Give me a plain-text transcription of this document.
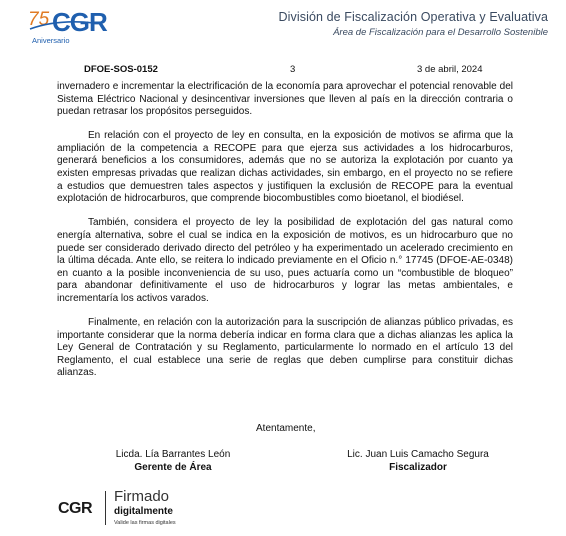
75 CGR
Aniversario
División de Fiscalización Operativa y Evaluativa
Área de Fiscalización para el Desarrollo Sostenible
DFOE-SOS-0152	3	3 de abril, 2024

invernadero e incrementar la electrificación de la economía para aprovechar el potencial renovable del Sistema Eléctrico Nacional y desincentivar inversiones que lleven al país en la dirección contraria o puedan retrasar los propósitos perseguidos.

En relación con el proyecto de ley en consulta, en la exposición de motivos se afirma que la ampliación de la competencia a RECOPE para que ejerza sus actividades a los hidrocarburos, generará beneficios a los consumidores, además que no se autoriza la explotación por cuanto ya existen empresas privadas que realizan dichas actividades, sin embargo, en el proyecto no se refiere a estudios que demuestren tales aspectos y justifiquen la exclusión de RECOPE para la eventual explotación de hidrocarburos, que comprende biocombustibles como bioetanol, el biodiésel.

También, considera el proyecto de ley la posibilidad de explotación del gas natural como energía alternativa, sobre el cual se indica en la exposición de motivos, es un hidrocarburo que no puede ser considerado derivado directo del petróleo y ha experimentado un acelerado crecimiento en la última década. Ante ello, se reitera lo indicado previamente en el Oficio n.° 17745 (DFOE-AE-0348) en cuanto a la posible inconveniencia de su uso, pues actuaría como un “combustible de bloqueo” para abandonar definitivamente el uso de hidrocarburos y lograr las metas ambientales, e incrementaría los activos varados.

Finalmente, en relación con la autorización para la suscripción de alianzas público privadas, es importante considerar que la norma debería indicar en forma clara que a dichas alianzas les aplica la Ley General de Contratación y su Reglamento, particularmente lo normado en el artículo 13 del Reglamento, el cual establece una serie de reglas que deben cumplirse para constituir dichas alianzas.

Atentamente,
Licda. Lía Barrantes León
Gerente de Área
Lic. Juan Luis Camacho Segura
Fiscalizador
CGR
Firmado
digitalmente
Valide las firmas digitales
